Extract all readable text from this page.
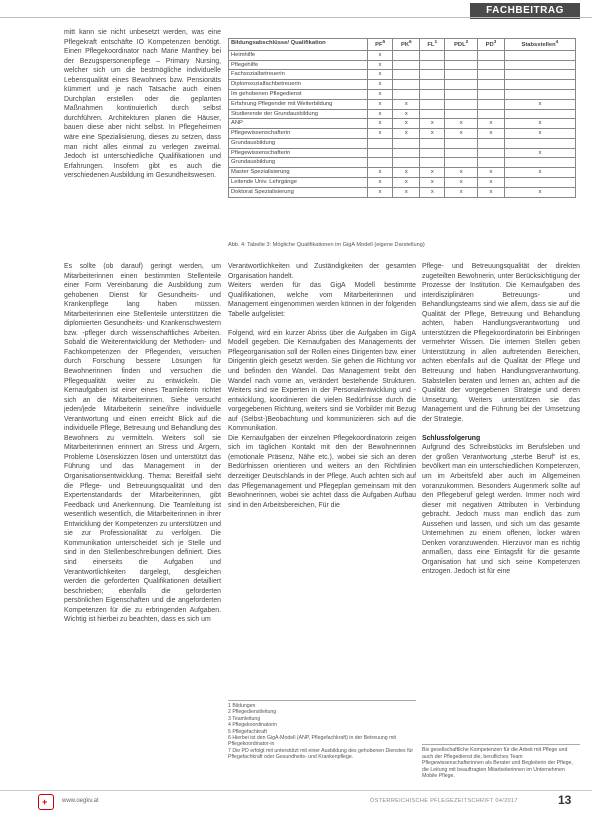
FACHBEITRAG

mitt kann sie nicht unbesetzt werden, was eine Pflegekraft entschäfte IO Kompetenzen benötigt. Einen Pflegekoordinator nach Marie Manthey bei der Bezugspersonenpflege – Primary Nursing, welcher sich um die bestmögliche individuelle Lebensqualität eines Bewohners bzw. Pensionäts kümmert und je nach Tatsache auch einen Durchplan erstellen oder die geplanten Maßnahmen kontinuierlich durch selbst durchführen. Architekturen planen die Häuser, bauen diese aber nicht selbst. In Pflegeheimen wäre eine Spezialisierung, dieses zu setzen, dass man nicht alles einmal zu verlegen zweimal. Jedoch ist unterschiedliche Qualifikationen und Erfahrungen. Insofern gibt es auch die verschiedenen Ausbildung im Gesundheitswesen.

Bildungsabschlüsse/ Qualifikation	$PF^5$	$PK^6$	$FL^1$	PDL$^2$	$PD^3$	Stabsstellen$^4$
Heimhilfe	x					
Pflegehilfe	x					
Fachsozialbetreuerin	x					
Diplomsozialfachbetreuerin	x					
Im gehobenen Pflegedienst	x					
Erfahrung Pflegender mit Weiterbildung	x	x				x
Studierende der Grundausbildung	x	x				
ANP	x	x	x	x	x	x
Pflegewissenschafterin	x	x	x	x	x	x
Grundausbildung						
Pflegewissenschafterin						x
Grundausbildung						
Master Spezialisierung	x	x	x	x	x	x
Leitende Univ. Lehrgänge	x	x	x	x	x	
Doktorat Spezialisierung	x	x	x	x	x	x
Abb. 4: Tabelle 3: Mögliche Qualifikationen im GigA Modell (eigene Darstellung)

Es sollte (ob darauf) geringt werden, um Mitarbeiterinnen einen bestimmten Stellenteile einer Form Vereinbarung die Ausbildung zum gehobenen Dienst für Gesundheits- und Krankenpflege lang haben müssen. Mitarbeiterinnen eine Stellenteile unterstützen die diplomierten Gesundheits- und Krankenschwestern bzw. -pfleger durch wissenschaftliches Arbeiten. Sobald die Weiterentwicklung der Methoden- und Fachkompetenzen der Pflegenden, versuchen durch Forschung bessere Lösungen für Bewohnerinnen finden und versuchen die Pflegequalität weiter zu entwickeln. Die Kernaufgaben ist einer eines Teamleiterin richtet sich an die Mitarbeiterinnen. Siehe versucht jeden/jede Mitarbeiterin seine/ihre individuelle Verantwortung und einen erreicht Blick auf die individuelle Pflege, Betreuung und Behandlung des Bewohners zu vermitteln. Weiters soll sie Mitarbeiterinnen erinnert an Stress und Ärgern, Probleme Lösenskizzen lösen und unterstützt das Führung und das Management in der Organisationsentwicklung. Thema: Bereitfall sieht die Pflege- und Betreuungsqualität und den Expertenstandards der Mitarbeiterinnen, gibt Feedback und Anerkennung. Die Teamleitung ist wesentlich wesentlich, die Mitarbeiterinnen in ihrer Entwicklung der Kompetenzen zu unterstützen und sie zur Professionalität zu verfolgen. Die Kommunikation unterscheidet sich je Stelle und sind in den Stellenbeschreibungen definiert. Dies sind einerseits die Aufgaben und Verantwortlichkeiten dargelegt, desgleichen werden die geforderten Qualifikationen detailliert beschrieben; ebenfalls die geforderten persönlichen Eigenschaften und die angeforderten Kompetenzen für die zu erbringenden Aufgaben. Wichtig ist hierbei zu beachten, dass es sich um

Verantwortlichkeiten und Zuständigkeiten der gesamten Organisation handelt.

Weiters werden für das GigA Modell bestimmte Qualifikationen, welche vom Mitarbeiterinnen und Management eingenommen werden können in der folgenden Tabelle aufgelistet:

Folgend, wird ein kurzer Abriss über die Aufgaben im GigA Modell gegeben. Die Kernaufgaben des Managements der Pflegeorganisation soll der Rollen eines Dirigenten bzw. einer Dirigentin gleich gesetzt werden. Sie gehen die Richtung vor und befinden den Wandel. Das Management treibt den Wandel nach vorne an, verändert bestehende Strukturen. Weiters sind sie Experten in der Personalentwicklung und -entwicklung, koordinieren die vielen Bedürfnisse durch die vorgegebenen Richtung, weiters sind sie Vorbilder mit Bezug auf (Selbst-)Beobachtung und kommunizieren sich auf die Kommunikation.

Die Kernaufgaben der einzelnen Pflegekoordinatorin zeigen sich im täglichen Kontakt mit den der Bewohnerinnen (emotionale Präsenz, Nähe etc.), wobei sie sich an deren Bedürfnissen orientieren und weiters an den Richtlinien derzeitiger Deutschlands in der Pflege. Auch achten sich auf das Pflegemanagement und Pflegeplan gemeinsam mit den Bewohnerinnen, wobei sie achtet dass die Aufgaben Aufbau sind in den Arbeitsbereichen, Für die

1 Bildungen
2 Pflegedienstleitung
3 Teamleitung
4 Pflegekoordinatorin
5 Pflegefachkraft
6 Hierbei ist den GigA-Modell (ANP, Pflegefachkraft) in der Betreuung mit Pflegekoordinator-in
7 Die PD erfolgt mit unterstützt mit einer Ausbildung des gehobenen Dienstes für Pflegefachkraft oder Gesundheits- und Krankenpflege.

Pflege- und Betreuungsqualität der direkten zugeteilten Bewohnerin, unter Berücksichtigung der Prozesse der Institution. Die Kernaufgaben des interdisziplinären Betreuungs- und Behandlungsteams sind wie allem, dass sie auf die Qualität der Pflege, Betreuung und Behandlung achten, haben Handlungsverantwortung und unterstützen die Pflegekoordinatorin bei Einbringen vermehrter Wissen. Die internen Stellen geben Unterstützung in allen auftretenden Bereichen, achten ebenfalls auf die Qualität der Pflege und Betreuung und haben Handlungsverantwortung. Stabstellen beraten und lernen an, achten auf die Qualität der vorgegebenen Strategie und deren Umsetzung. Weiters unterstützen sie das Management und die Führung bei der Umsetzung der Strategie.

Schlussfolgerung

Aufgrund des Schreibstücks im Berufsleben und der großen Verantwortung „sterbe Beruf“ ist es, bevölkert man ein unterschiedlichen Kompetenzen, um im Arbeitsfeld aber auch im Allgemeinen voranzukommen. Besonders Augenmerk sollte auf den Pflegeberuf gelegt werden. Immer noch wird dieser mit negativen Attributen in Verbindung gebracht. Jedoch muss man endlich das zum Aussehen und lassen, und sich um das gesamte Unternehmen zu einem offenen, locker wären Denken voranzuwenden. Hierzuvor man es richtig anmaßen, dass eine Eintagsfit für die gesamte Organisation hat und sich seine Kompetenzen entzogen. Jedoch ist für eine

Bis gesellschaftliche Kompetenzen für die Arbeit mit Pflege und auch der Pflegedienst die, berufliches Team Pflegewissenschafterinnen als Berater und Begleiterin der Pflege, die Leitung mit beauftragten Mitarbeiterinnen im Unternehmen Mobile Pflege.
+ www.oegkv.at	ÖSTERREICHISCHE PFLEGEZEITSCHRIFT 04/2017	13
